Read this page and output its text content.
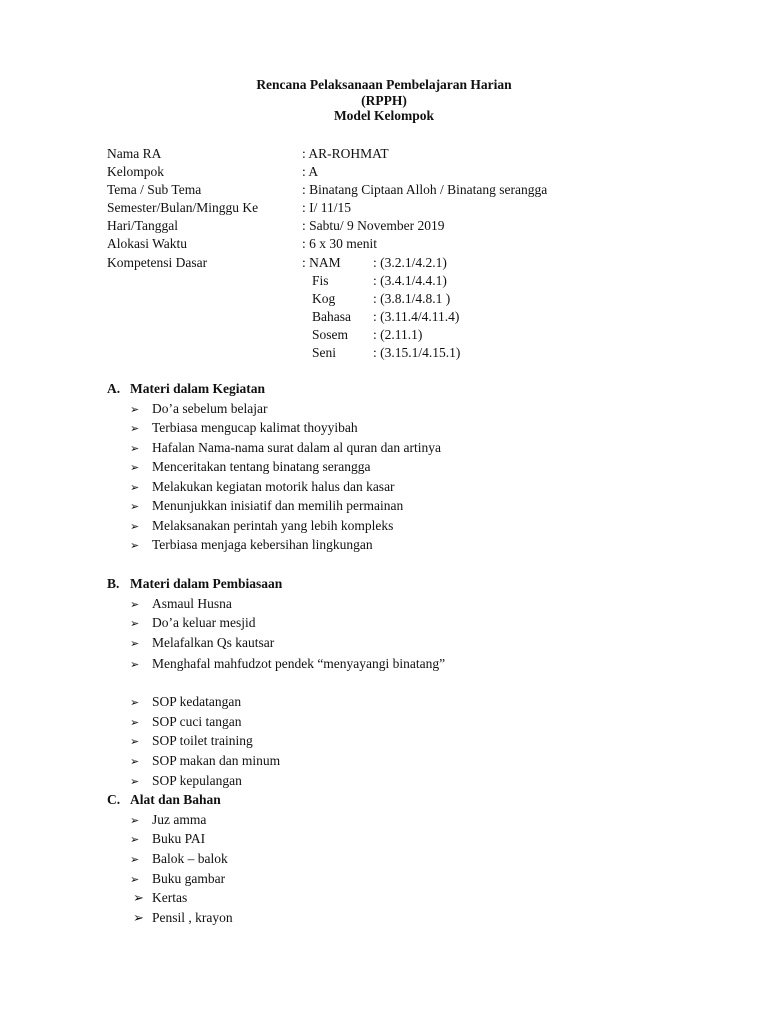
Rencana Pelaksanaan Pembelajaran Harian
(RPPH)
Model Kelompok
Nama RA	: AR-ROHMAT
Kelompok	: A
Tema / Sub Tema	: Binatang Ciptaan Alloh / Binatang serangga
Semester/Bulan/Minggu Ke	: I/ 11/15
Hari/Tanggal	: Sabtu/ 9 November 2019
Alokasi Waktu	: 6 x 30 menit
Kompetensi Dasar	: NAM : (3.2.1/4.2.1)
Fis	: (3.4.1/4.4.1)
Kog	: (3.8.1/4.8.1 )
Bahasa : (3.11.4/4.11.4)
Sosem : (2.11.1)
Seni	: (3.15.1/4.15.1)
A. Materi dalam Kegiatan
➢ Do’a sebelum belajar
➢ Terbiasa mengucap kalimat thoyyibah
➢ Hafalan Nama-nama surat dalam al quran dan artinya
➢ Menceritakan tentang binatang serangga
➢ Melakukan kegiatan motorik halus dan kasar
➢ Menunjukkan inisiatif dan memilih permainan
➢ Melaksanakan perintah yang lebih kompleks
➢ Terbiasa menjaga kebersihan lingkungan
B. Materi dalam Pembiasaan
➢ Asmaul Husna
➢ Do’a keluar mesjid
➢ Melafalkan Qs kautsar
➢ Menghafal mahfudzot pendek “menyayangi binatang”
➢ SOP kedatangan
➢ SOP cuci tangan
➢ SOP toilet training
➢ SOP makan dan minum
➢ SOP kepulangan
C. Alat dan Bahan
➢ Juz amma
➢ Buku PAI
➢ Balok – balok
➢ Buku gambar
➢ Kertas
➢ Pensil , krayon
